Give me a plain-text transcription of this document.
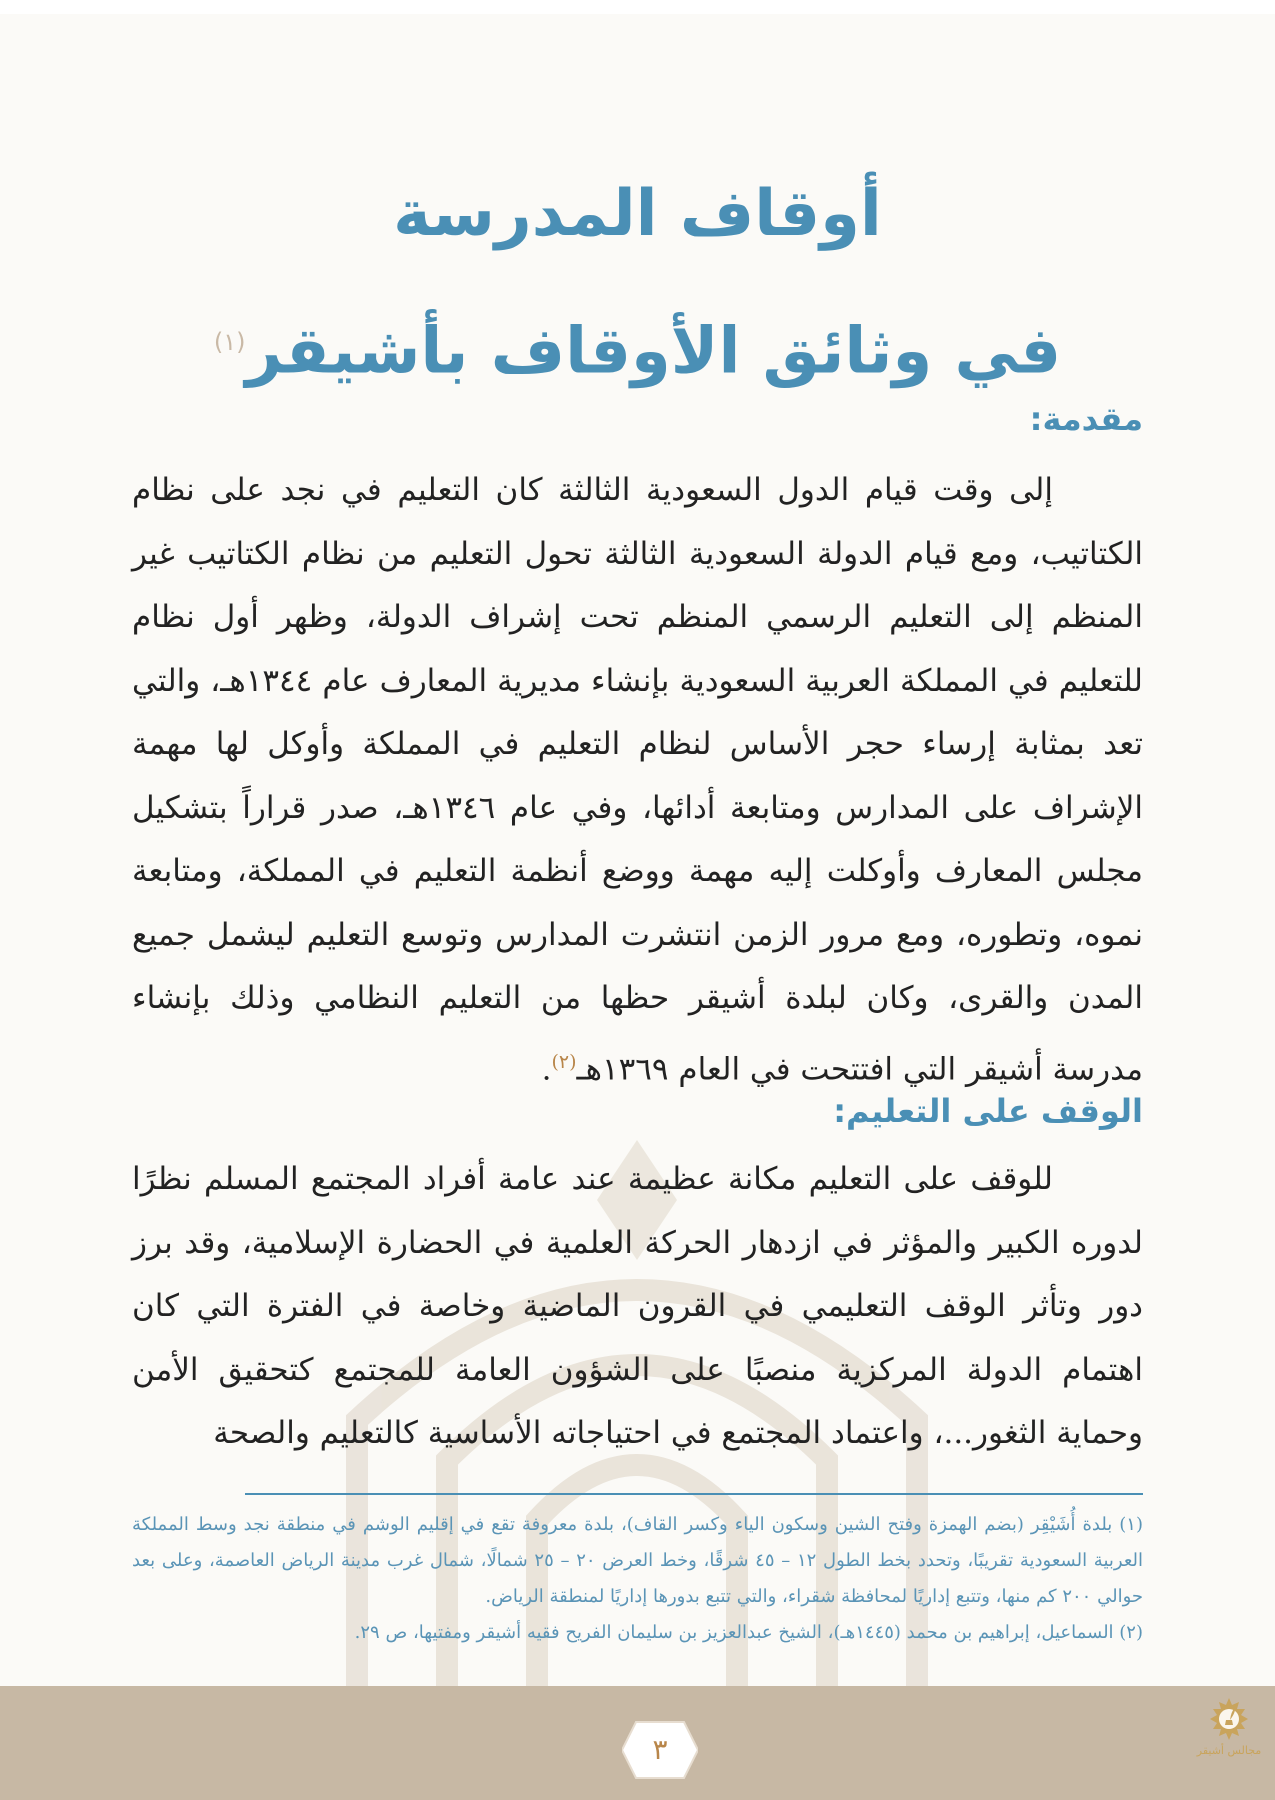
أوقاف المدرسة
في وثائق الأوقاف بأشيقر$^{(١)}$
مقدمة:

إلى وقت قيام الدول السعودية الثالثة كان التعليم في نجد على نظام الكتاتيب، ومع قيام الدولة السعودية الثالثة تحول التعليم من نظام الكتاتيب غير المنظم إلى التعليم الرسمي المنظم تحت إشراف الدولة، وظهر أول نظام للتعليم في المملكة العربية السعودية بإنشاء مديرية المعارف عام ١٣٤٤هـ، والتي تعد بمثابة إرساء حجر الأساس لنظام التعليم في المملكة وأوكل لها مهمة الإشراف على المدارس ومتابعة أدائها، وفي عام ١٣٤٦هـ، صدر قراراً بتشكيل مجلس المعارف وأوكلت إليه مهمة ووضع أنظمة التعليم في المملكة، ومتابعة نموه، وتطوره، ومع مرور الزمن انتشرت المدارس وتوسع التعليم ليشمل جميع المدن والقرى، وكان لبلدة أشيقر حظها من التعليم النظامي وذلك بإنشاء مدرسة أشيقر التي افتتحت في العام ١٣٦٩هـ$^{(٢)}$.

الوقف على التعليم:

للوقف على التعليم مكانة عظيمة عند عامة أفراد المجتمع المسلم نظرًا لدوره الكبير والمؤثر في ازدهار الحركة العلمية في الحضارة الإسلامية، وقد برز دور وتأثر الوقف التعليمي في القرون الماضية وخاصة في الفترة التي كان اهتمام الدولة المركزية منصبًا على الشؤون العامة للمجتمع كتحقيق الأمن وحماية الثغور...، واعتماد المجتمع في احتياجاته الأساسية كالتعليم والصحة

(١) بلدة أُشَيْقِر (بضم الهمزة وفتح الشين وسكون الياء وكسر القاف)، بلدة معروفة تقع في إقليم الوشم في منطقة نجد وسط المملكة العربية السعودية تقريبًا، وتحدد بخط الطول ١٢ – ٤٥ شرقًا، وخط العرض ٢٠ – ٢٥ شمالًا، شمال غرب مدينة الرياض العاصمة، وعلى بعد حوالي ٢٠٠ كم منها، وتتبع إداريًا لمحافظة شقراء، والتي تتبع بدورها إداريًا لمنطقة الرياض.

(٢) السماعيل، إبراهيم بن محمد (١٤٤٥هـ)، الشيخ عبدالعزيز بن سليمان الفريح فقيه أشيقر ومفتيها، ص ٢٩.

٣	مجالس أشيقر
